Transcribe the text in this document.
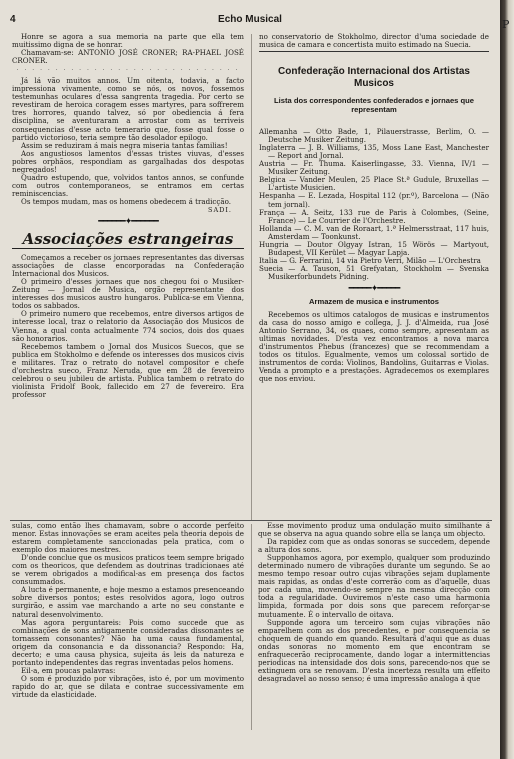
4	Echo Musical

Honre se agora a sua memoria na parte que ella tem muitissimo digna de se honrar.

Chamavam-se: ANTONIO JOSÉ CRONER; RA-PHAEL JOSÉ CRONER.

· · · · · · · · · · · · · · · · · · · · · · · · · · · · ·

Já lá vão muitos annos. Um oitenta, todavia, a facto impressiona vivamente, como se nós, os novos, fossemos testemunhas oculares d'essa sangrenta tragedia. Por certo se revestiram de heroica coragem esses martyres, para soffrerem tres horrores, quando talvez, só por obediencia á fera disciplina, se aventuraram a arrostar com as terriveis consequencias d'esse acto temerario que, fosse qual fosse o partido victorioso, teria sempre tão desolador epilogo.

Assim se reduziram á mais negra miseria tantas familias!

Aos angustiosos lamentos d'essas tristes viuvas, d'esses pobres orphãos, respondiam as gargalhadas dos despotas negregados!

Quadro estupendo, que, volvidos tantos annos, se confunde com outros contemporaneos, se entramos em certas reminiscencias.

Os tempos mudam, mas os homens obedecem á tradicção.

SADI.
━━━━━━✦━━━━━━
Associações estrangeiras

Começamos a receber os jornaes representantes das diversas associações de classe encorporadas na Confederação Internacional dos Musicos.

O primeiro d'esses jornaes que nos chegou foi o Musiker-Zeitung — Jornal de Musica, orgão representante dos interesses dos musicos austro hungaros. Publica-se em Vienna, todos os sabbados.

O primeiro numero que recebemos, entre diversos artigos de interesse local, traz o relatorio da Associação dos Musicos de Vienna, a qual conta actualmente 774 socios, dois dos quaes são honorarios.

Recebemos tambem o Jornal dos Musicos Suecos, que se publica em Stokholmo e defende os interesses dos musicos civis e militares. Traz o retrato do notavel compositor e chefe d'orchestra sueco, Franz Neruda, que em 28 de fevereiro celebrou o seu jubileu de artista. Publica tambem o retrato do violinista Fridolf Book, fallecido em 27 de fevereiro. Era professor

no conservatorio de Stokholmo, director d'uma sociedade de musica de camara e concertista muito estimado na Suecia.

Confederação Internacional dos Artistas Musicos
Lista dos correspondentes confederados e jornaes que representam

Allemanha — Otto Bade, 1, Pilauerstrasse, Berlim, O. — Deutsche Musiker Zeitung.

Inglaterra — J. B. Williams, 135, Moss Lane East, Manchester — Report and Jornal.

Austria — Fr. Thuma. Kaiserlingasse, 33. Vienna, IV/1 — Musiker Zeitung.

Belgica — Vander Meulen, 25 Place St.ª Gudule, Bruxellas — L'artiste Musicien.

Hespanha — E. Lezada, Hospital 112 (pr.º), Barcelona — (Não tem jornal).

França — A. Seitz, 133 rue de Paris à Colombes, (Seine, France) — Le Courrier de l'Orchestre.

Hollanda — C. M. van de Roraart, 1.ª Helmersstraat, 117 huis, Amsterdam — Toonkunst.

Hungria — Doutor Olgyay Istran, 15 Wörös — Martyout, Budapest, VII Kerület — Magyar Lapja.

Italia — G. Ferrarini, 14 via Pietro Verri, Milão — L'Orchestra

Suecia — A. Tauson, 51 Grefyatan, Stockholm — Svenska Musikerforbundets Pidning.

━━━━━✦━━━━━
Armazem de musica e instrumentos

Recebemos os ultimos catalogos de musicas e instrumentos da casa do nosso amigo e collega, J. J. d'Almeida, rua José Antonio Serrano, 34, os quaes, como sempre, apresentam as ultimas novidades. D'esta vez encontramos a nova marca d'instrumentos Phebus (francezes) que se recommendam a todos os titulos. Egualmente, vemos um colossal sortido de instrumentos de corda: Violinos, Bandolins, Guitarras e Violas. Venda a prompto e a prestações. Agradecemos os exemplares que nos enviou.

sulas, como então lhes chamavam, sobre o accorde perfeito menor. Estas innovações se eram aceites pela theoria depois de estarem completamente sanccionadas pela pratica, com o exemplo dos maiores mestres.

D'onde conclue que os musicos praticos teem sempre brigado com os theoricos, que defendem as doutrinas tradicionaes até se verem obrigados a modifical-as em presença dos factos consummados.

A lucta é permanente, e hoje mesmo a estamos presenceando sobre diversos pontos; estes resolvidos agora, logo outros surgirão, e assim vae marchando a arte no seu constante e natural desenvolvimento.

Mas agora perguntareis: Pois como succede que as combinações de sons antigamente consideradas dissonantes se tornassem consonantes? Não ha uma causa fundamental, origem da consonancia e da dissonancia? Respondo: Ha, decerto; e uma causa physica, sujeita ás leis da natureza e portanto independentes das regras inventadas pelos homens.

Eil-a, em poucas palavras:

O som é produzido por vibrações, isto é, por um movimento rapido do ar, que se dilata e contrae successivamente em virtude da elasticidade.

Esse movimento produz uma ondulação muito similhante á que se observa na agua quando sobre ella se lança um objecto.

Da rapidez com que as ondas sonoras se succedem, depende a altura dos sons.

Supponhamos agora, por exemplo, qualquer som produzindo determinado numero de vibrações durante um segundo. Se ao mesmo tempo resoar outro cujas vibrações sejam duplamente mais rapidas, as ondas d'este correrão com as d'aquelle, duas por cada uma, movendo-se sempre na mesma direcção com toda a regularidade. Ouviremos n'este caso uma harmonia limpida, formada por dois sons que parecem reforçar-se mutuamente. É o intervallo de oitava.

Supponde agora um terceiro som cujas vibrações não emparelhem com as dos precedentes, e por consequencia se choquem de quando em quando. Resultará d'aqui que as duas ondas sonoras no momento em que encontram se enfraquecerão reciprocamente, dando logar a intermittencias periodicas na intensidade dos dois sons, parecendo-nos que se extinguem ora se renovam. D'esta incerteza resulta um effeito desagradavel ao nosso senso; é uma impressão analoga á que

P
